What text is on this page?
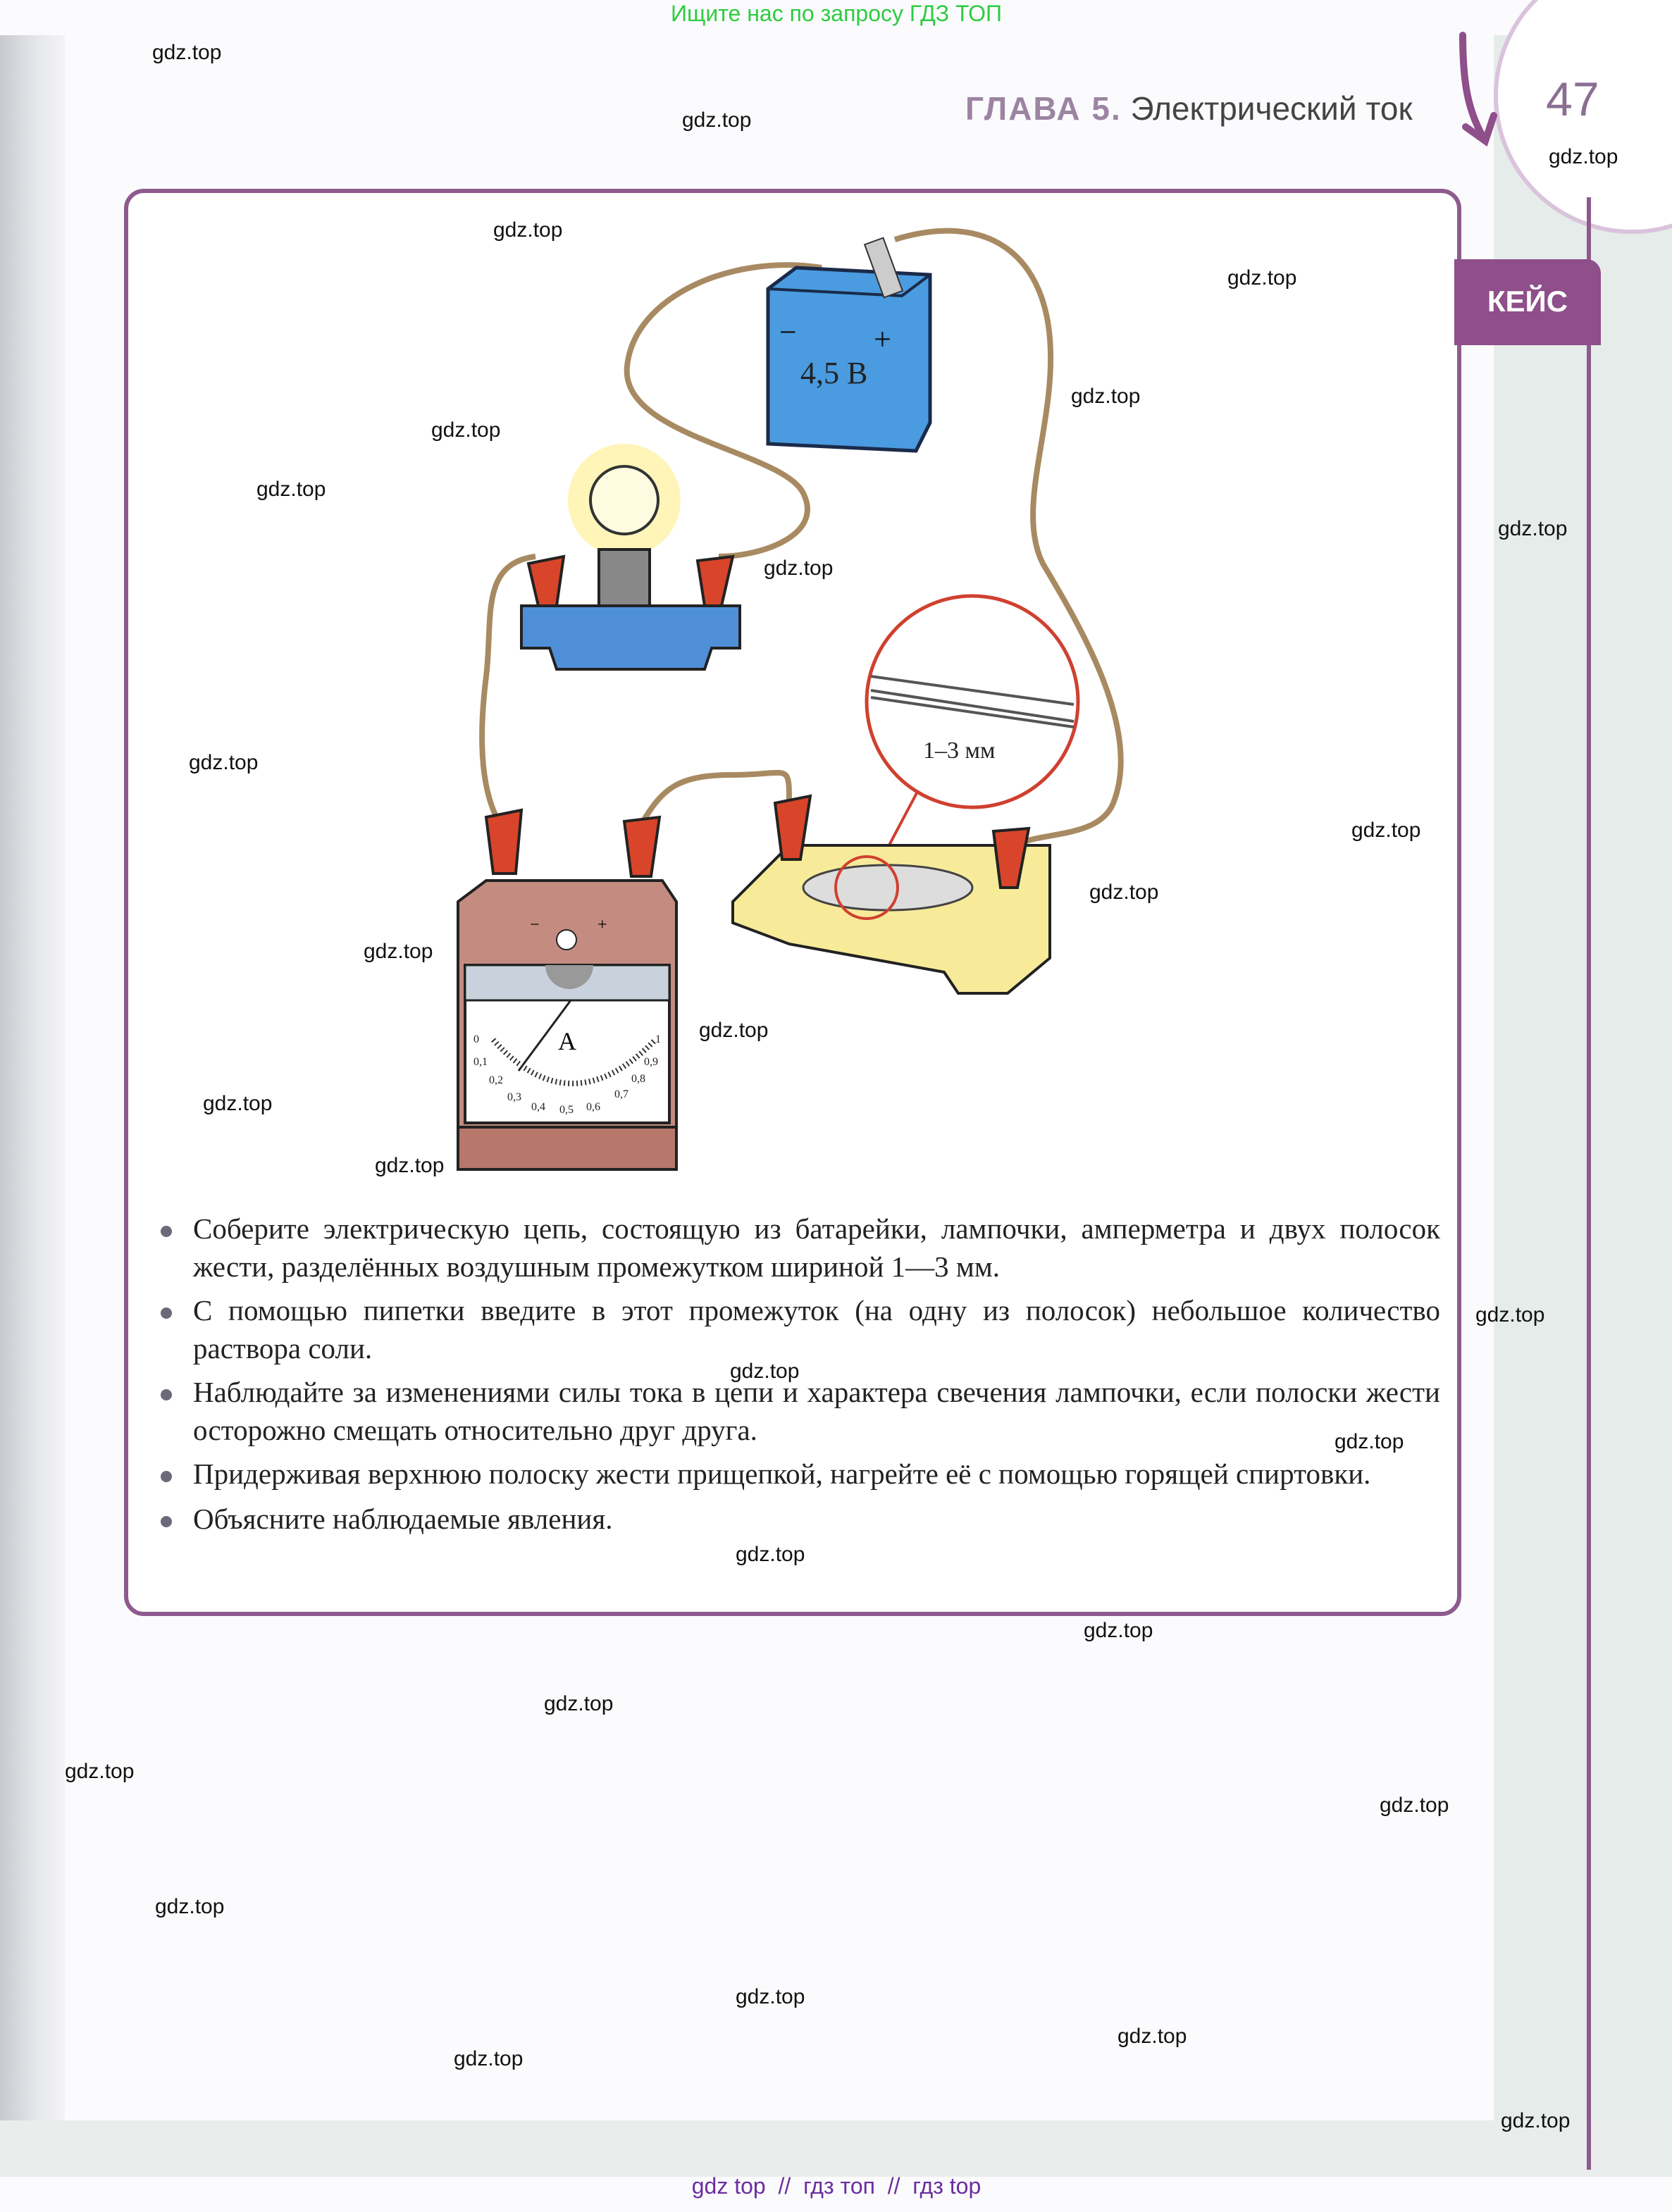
Ищите нас по запросу ГДЗ ТОП
ГЛАВА 5. Электрический ток	47
КЕЙС
−	+
4,5 В
1–3 мм
A
0
0,1
0,2
0,3
0,4	0,5 0,6
0,7
0,8
0,9
1
−	+
Соберите электрическую цепь, состоящую из батарейки, лампочки, амперметра и двух полосок жести, разделённых воздушным промежутком шириной 1—3 мм.
С помощью пипетки введите в этот промежуток (на одну из полосок) небольшое количество раствора соли.
Наблюдайте за изменениями силы тока в цепи и характера свечения лампочки, если полоски жести осторожно смещать относительно друг друга.
Придерживая верхнюю полоску жести прищепкой, нагрейте её с помощью горящей спиртовки.
Объясните наблюдаемые явления.
gdz.top
gdz.top
gdz.top
gdz.top
gdz.top
gdz.top
gdz.top
gdz.top
gdz.top
gdz.top
gdz.top
gdz.top
gdz.top
gdz.top
gdz.top
gdz.top
gdz.top
gdz.top
gdz.top
gdz.top
gdz.top
gdz.top
gdz.top
gdz.top
gdz.top
gdz.top
gdz.top
gdz.top
gdz.top
gdz.top
gdz top  //  гдз топ  //  гдз top
